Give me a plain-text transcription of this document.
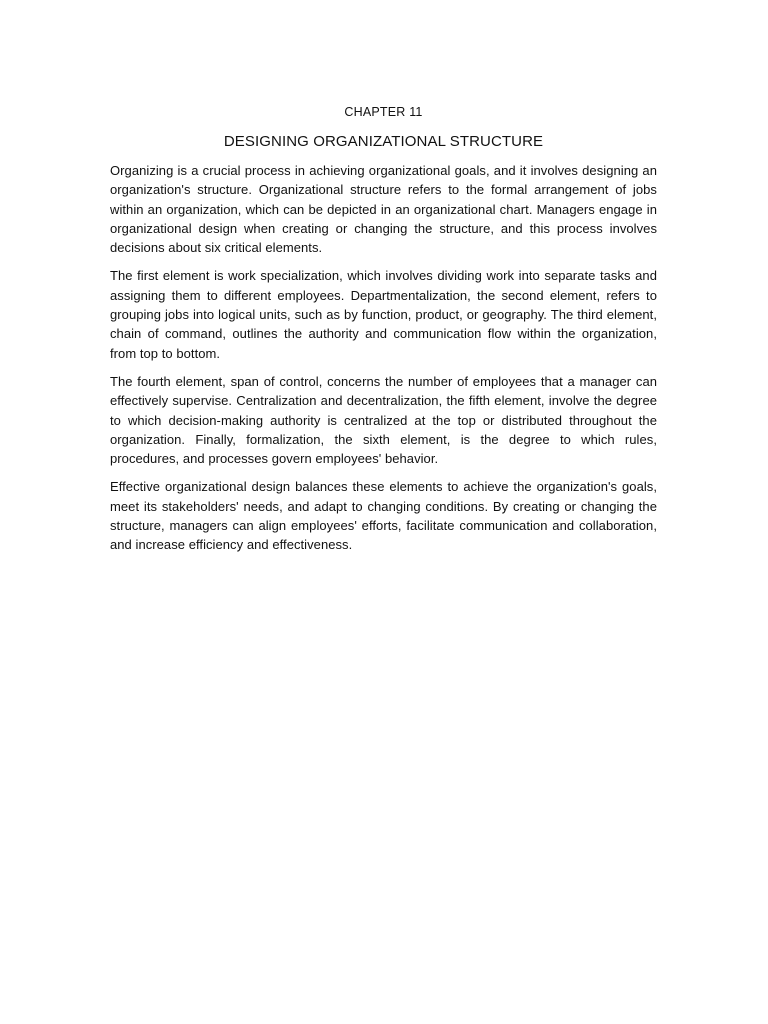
CHAPTER 11
DESIGNING ORGANIZATIONAL STRUCTURE

Organizing is a crucial process in achieving organizational goals, and it involves designing an organization's structure. Organizational structure refers to the formal arrangement of jobs within an organization, which can be depicted in an organizational chart. Managers engage in organizational design when creating or changing the structure, and this process involves decisions about six critical elements.

The first element is work specialization, which involves dividing work into separate tasks and assigning them to different employees. Departmentalization, the second element, refers to grouping jobs into logical units, such as by function, product, or geography. The third element, chain of command, outlines the authority and communication flow within the organization, from top to bottom.

The fourth element, span of control, concerns the number of employees that a manager can effectively supervise. Centralization and decentralization, the fifth element, involve the degree to which decision-making authority is centralized at the top or distributed throughout the organization. Finally, formalization, the sixth element, is the degree to which rules, procedures, and processes govern employees' behavior.

Effective organizational design balances these elements to achieve the organization's goals, meet its stakeholders' needs, and adapt to changing conditions. By creating or changing the structure, managers can align employees' efforts, facilitate communication and collaboration, and increase efficiency and effectiveness.
